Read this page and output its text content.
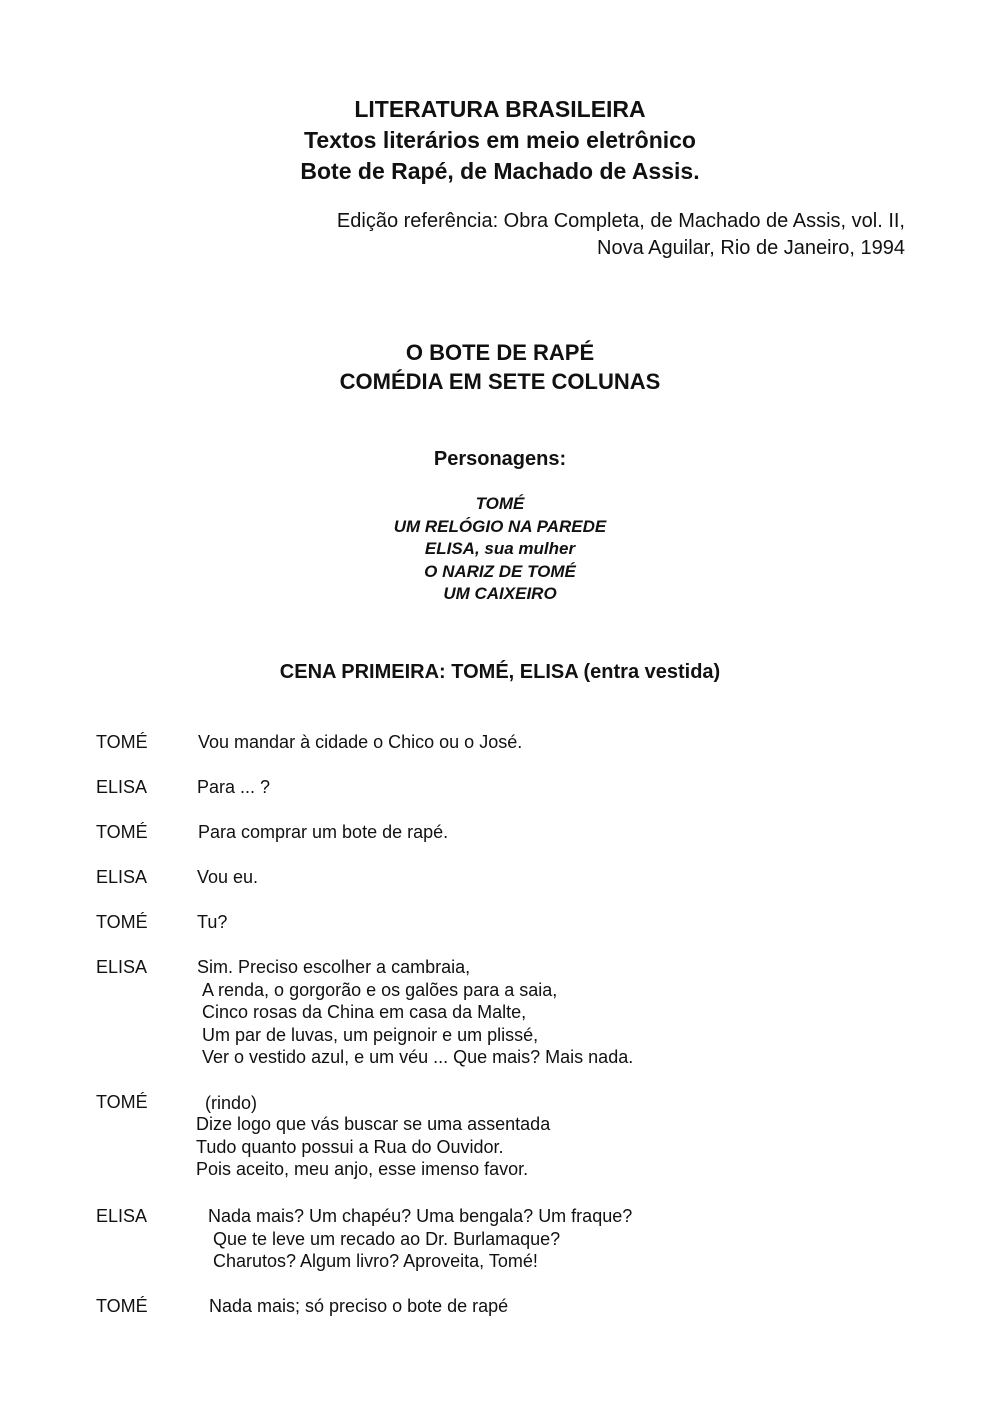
LITERATURA BRASILEIRA
Textos literários em meio eletrônico
Bote de Rapé, de Machado de Assis.
Edição referência: Obra Completa, de Machado de Assis, vol. II,
Nova Aguilar, Rio de Janeiro, 1994
O BOTE DE RAPÉ
COMÉDIA EM SETE COLUNAS
Personagens:
TOMÉ
UM RELÓGIO NA PAREDE
ELISA, sua mulher
O NARIZ DE TOMÉ
UM CAIXEIRO
CENA PRIMEIRA: TOMÉ, ELISA (entra vestida)
TOMÉ	Vou mandar à cidade o Chico ou o José.
ELISA	Para ... ?
TOMÉ	Para comprar um bote de rapé.
ELISA	Vou eu.
TOMÉ	Tu?
ELISA	Sim. Preciso escolher a cambraia,
A renda, o gorgorão e os galões para a saia,
Cinco rosas da China em casa da Malte,
Um par de luvas, um peignoir e um plissé,
Ver o vestido azul, e um véu ... Que mais? Mais nada.
TOMÉ	(rindo)
Dize logo que vás buscar se uma assentada
Tudo quanto possui a Rua do Ouvidor.
Pois aceito, meu anjo, esse imenso favor.
ELISA	Nada mais? Um chapéu? Uma bengala? Um fraque?
Que te leve um recado ao Dr. Burlamaque?
Charutos? Algum livro? Aproveita, Tomé!
TOMÉ	Nada mais; só preciso o bote de rapé
